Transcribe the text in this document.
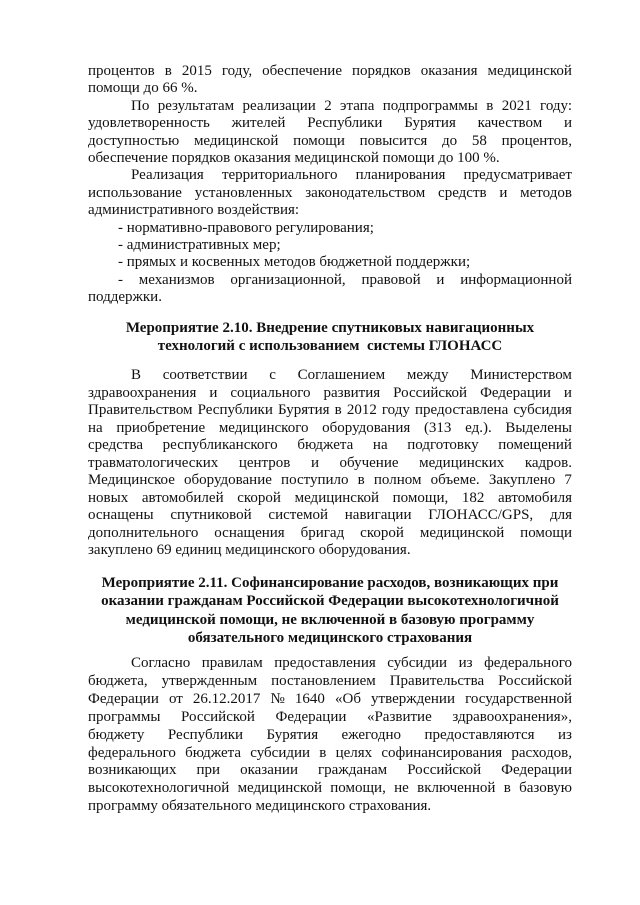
процентов в 2015 году, обеспечение порядков оказания медицинской
помощи до 66 %.
По результатам реализации 2 этапа подпрограммы в 2021 году:
удовлетворенность жителей Республики Бурятия качеством и
доступностью медицинской помощи повысится до 58 процентов,
обеспечение порядков оказания медицинской помощи до 100 %.
Реализация территориального планирования предусматривает
использование установленных законодательством средств и методов
административного воздействия:
- нормативно-правового регулирования;
- административных мер;
- прямых и косвенных методов бюджетной поддержки;
- механизмов организационной, правовой и информационной
поддержки.
Мероприятие 2.10. Внедрение спутниковых навигационных
технологий с использованием  системы ГЛОНАСС
В соответствии с Соглашением между Министерством
здравоохранения и социального развития Российской Федерации и
Правительством Республики Бурятия в 2012 году предоставлена субсидия
на приобретение медицинского оборудования (313 ед.). Выделены
средства республиканского бюджета на подготовку помещений
травматологических центров и обучение медицинских кадров.
Медицинское оборудование поступило в полном объеме. Закуплено 7
новых автомобилей скорой медицинской помощи, 182 автомобиля
оснащены спутниковой системой навигации ГЛОНАСС/GPS, для
дополнительного оснащения бригад скорой медицинской помощи
закуплено 69 единиц медицинского оборудования.
Мероприятие 2.11. Софинансирование расходов, возникающих при
оказании гражданам Российской Федерации высокотехнологичной
медицинской помощи, не включенной в базовую программу
обязательного медицинского страхования
Согласно правилам предоставления субсидии из федерального
бюджета, утвержденным постановлением Правительства Российской
Федерации от 26.12.2017 № 1640 «Об утверждении государственной
программы Российской Федерации «Развитие здравоохранения»,
бюджету Республики Бурятия ежегодно предоставляются из
федерального бюджета субсидии в целях софинансирования расходов,
возникающих при оказании гражданам Российской Федерации
высокотехнологичной медицинской помощи, не включенной в базовую
программу обязательного медицинского страхования.
